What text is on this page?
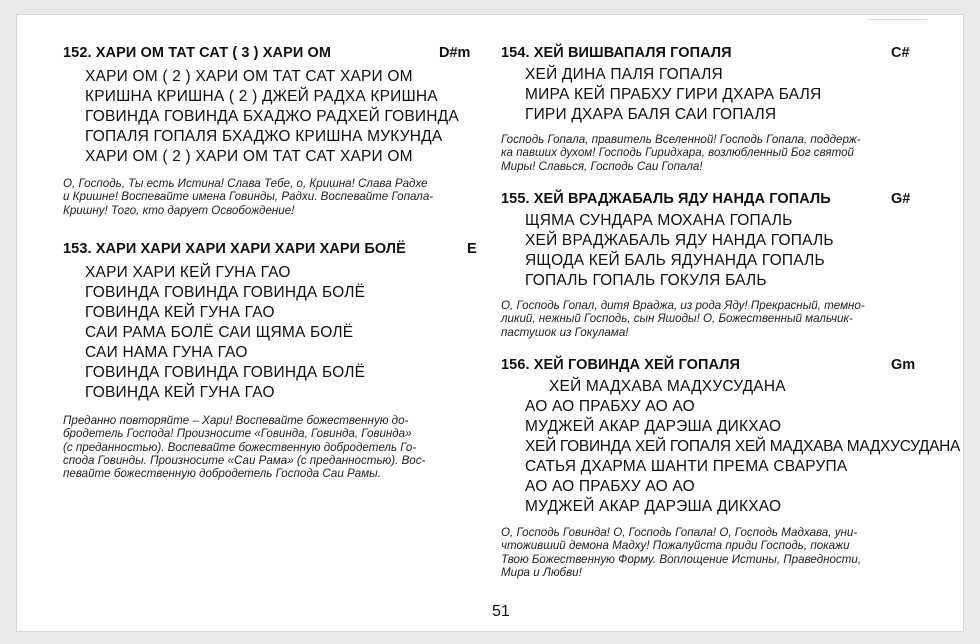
152. ХАРИ ОМ ТАТ САТ ( 3 ) ХАРИ ОМ	D#m
ХАРИ ОМ ( 2 ) ХАРИ ОМ ТАТ САТ ХАРИ ОМ
КРИШНА КРИШНА ( 2 ) ДЖЕЙ РАДХА КРИШНА
ГОВИНДА ГОВИНДА БХАДЖО РАДХЕЙ ГОВИНДА
ГОПАЛЯ ГОПАЛЯ БХАДЖО КРИШНА МУКУНДА
ХАРИ ОМ ( 2 ) ХАРИ ОМ ТАТ САТ ХАРИ ОМ
О, Господь, Ты есть Истина! Слава Тебе, о, Кришна! Слава Радхе
и Кришне! Воспевайте имена Говинды, Радхи. Воспевайте Гопала-
Кришну! Того, кто дарует Освобождение!
153. ХАРИ ХАРИ ХАРИ ХАРИ ХАРИ ХАРИ БОЛЁ	E
ХАРИ ХАРИ КЕЙ ГУНА ГАО
ГОВИНДА ГОВИНДА ГОВИНДА БОЛЁ
ГОВИНДА КЕЙ ГУНА ГАО
САИ РАМА БОЛЁ САИ ЩЯМА БОЛЁ
САИ НАМА ГУНА ГАО
ГОВИНДА ГОВИНДА ГОВИНДА БОЛЁ
ГОВИНДА КЕЙ ГУНА ГАО
Преданно повторяйте – Хари! Воспевайте божественную до-
бродетель Господа! Произносите «Говинда, Говинда, Говинда»
(с преданностью). Воспевайте божественную добродетель Го-
спода Говинды. Произносите «Саи Рама» (с преданностью). Вос-
певайте божественную добродетель Господа Саи Рамы.
154. ХЕЙ ВИШВАПАЛЯ ГОПАЛЯ	C#
ХЕЙ ДИНА ПАЛЯ ГОПАЛЯ
МИРА КЕЙ ПРАБХУ ГИРИ ДХАРА БАЛЯ
ГИРИ ДХАРА БАЛЯ САИ ГОПАЛЯ
Господь Гопала, правитель Вселенной! Господь Гопала, поддерж-
ка павших духом! Господь Гиридхара, возлюбленный Бог святой
Миры! Славься, Господь Саи Гопала!
155. ХЕЙ ВРАДЖАБАЛЬ ЯДУ НАНДА ГОПАЛЬ	G#
ЩЯМА СУНДАРА МОХАНА ГОПАЛЬ
ХЕЙ ВРАДЖАБАЛЬ ЯДУ НАНДА ГОПАЛЬ
ЯЩОДА КЕЙ БАЛЬ ЯДУНАНДА ГОПАЛЬ
ГОПАЛЬ ГОПАЛЬ ГОКУЛЯ БАЛЬ
О, Господь Гопал, дитя Враджа, из рода Яду! Прекрасный, темно-
ликий, нежный Господь, сын Яшоды! О, Божественный мальчик-
пастушок из Гокулама!
156. ХЕЙ ГОВИНДА ХЕЙ ГОПАЛЯ	Gm
ХЕЙ МАДХАВА МАДХУСУДАНА
АО АО ПРАБХУ АО АО
МУДЖЕЙ АКАР ДАРЭША ДИКХАО
ХЕЙ ГОВИНДА ХЕЙ ГОПАЛЯ ХЕЙ МАДХАВА МАДХУСУДАНА
САТЬЯ ДХАРМА ШАНТИ ПРЕМА СВАРУПА
АО АО ПРАБХУ АО АО
МУДЖЕЙ АКАР ДАРЭША ДИКХАО
О, Господь Говинда! О, Господь Гопала! О, Господь Мадхава, уни-
чтоживший демона Мадху! Пожалуйста приди Господь, покажи
Твою Божественную Форму. Воплощение Истины, Праведности,
Мира и Любви!
51
